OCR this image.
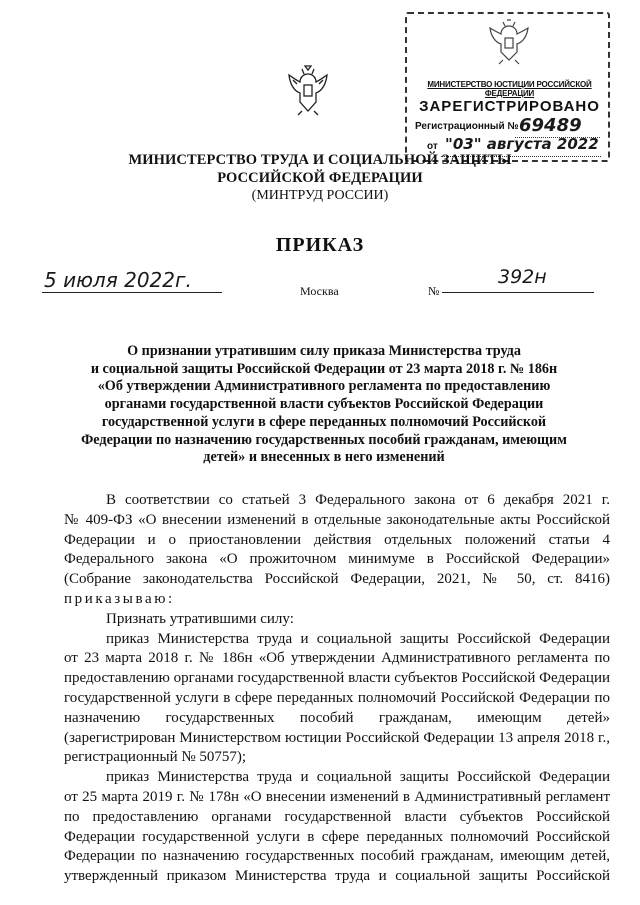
МИНИСТЕРСТВО ЮСТИЦИИ РОССИЙСКОЙ ФЕДЕРАЦИИ
ЗАРЕГИСТРИРОВАНО
Регистрационный № 69489
от "03" августа 2022
МИНИСТЕРСТВО ТРУДА И СОЦИАЛЬНОЙ ЗАЩИТЫ
РОССИЙСКОЙ ФЕДЕРАЦИИ
(МИНТРУД РОССИИ)
ПРИКАЗ
5 июля 2022г.	Москва	№
392н
О признании утратившим силу приказа Министерства труда
и социальной защиты Российской Федерации от 23 марта 2018 г. № 186н
«Об утверждении Административного регламента по предоставлению
органами государственной власти субъектов Российской Федерации
государственной услуги в сфере переданных полномочий Российской
Федерации по назначению государственных пособий гражданам, имеющим
детей» и внесенных в него изменений
В соответствии со статьей 3 Федерального закона от 6 декабря 2021 г.
№ 409-ФЗ «О внесении изменений в отдельные законодательные акты Российской
Федерации и о приостановлении действия отдельных положений статьи 4
Федерального закона «О прожиточном минимуме в Российской Федерации»
(Собрание законодательства Российской Федерации, 2021, № 50, ст. 8416)
приказываю:
Признать утратившими силу:
приказ Министерства труда и социальной защиты Российской Федерации
от 23 марта 2018 г. № 186н «Об утверждении Административного регламента по
предоставлению органами государственной власти субъектов Российской Федерации
государственной услуги в сфере переданных полномочий Российской Федерации по
назначению государственных пособий гражданам, имеющим детей»
(зарегистрирован Министерством юстиции Российской Федерации 13 апреля 2018 г.,
регистрационный № 50757);
приказ Министерства труда и социальной защиты Российской Федерации
от 25 марта 2019 г. № 178н «О внесении изменений в Административный регламент
по предоставлению органами государственной власти субъектов Российской
Федерации государственной услуги в сфере переданных полномочий Российской
Федерации по назначению государственных пособий гражданам, имеющим детей,
утвержденный приказом Министерства труда и социальной защиты Российской
